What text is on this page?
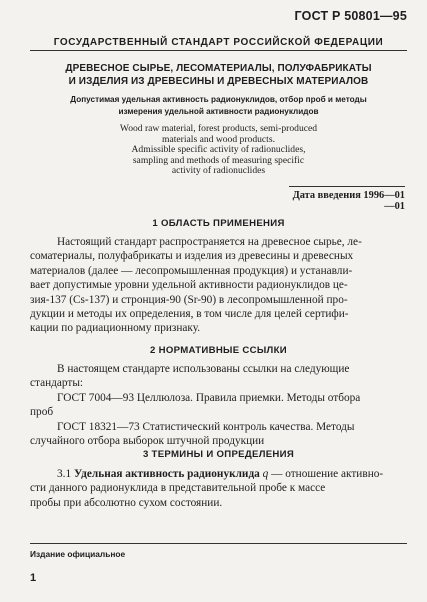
ГОСТ Р 50801—95
ГОСУДАРСТВЕННЫЙ СТАНДАРТ РОССИЙСКОЙ ФЕДЕРАЦИИ
ДРЕВЕСНОЕ СЫРЬЕ, ЛЕСОМАТЕРИАЛЫ, ПОЛУФАБРИКАТЫ
И ИЗДЕЛИЯ ИЗ ДРЕВЕСИНЫ И ДРЕВЕСНЫХ МАТЕРИАЛОВ
Допустимая удельная активность радионуклидов, отбор проб и методы
измерения удельной активности радионуклидов
Wood raw material, forest products, semi-produced
materials and wood products.
Admissible specific activity of radionuclides,
sampling and methods of measuring specific
activity of radionuclides
Дата введения 1996—01—01
1 ОБЛАСТЬ ПРИМЕНЕНИЯ
Настоящий стандарт распространяется на древесное сырье, ле-
соматериалы, полуфабрикаты и изделия из древесины и древесных
материалов (далее — лесопромышленная продукция) и устанавли-
вает допустимые уровни удельной активности радионуклидов це-
зия-137 (Cs-137) и стронция-90 (Sr-90) в лесопромышленной про-
дукции и методы их определения, в том числе для целей сертифи-
кации по радиационному признаку.
2 НОРМАТИВНЫЕ ССЫЛКИ
В настоящем стандарте использованы ссылки на следующие
стандарты:
ГОСТ 7004—93 Целлюлоза. Правила приемки. Методы отбора
проб
ГОСТ 18321—73 Статистический контроль качества. Методы
случайного отбора выборок штучной продукции
3 ТЕРМИНЫ И ОПРЕДЕЛЕНИЯ
3.1 Удельная активность радионуклида q — отношение активно-
сти данного радионуклида в представительной пробе к массе
пробы при абсолютно сухом состоянии.
Издание официальное
1
